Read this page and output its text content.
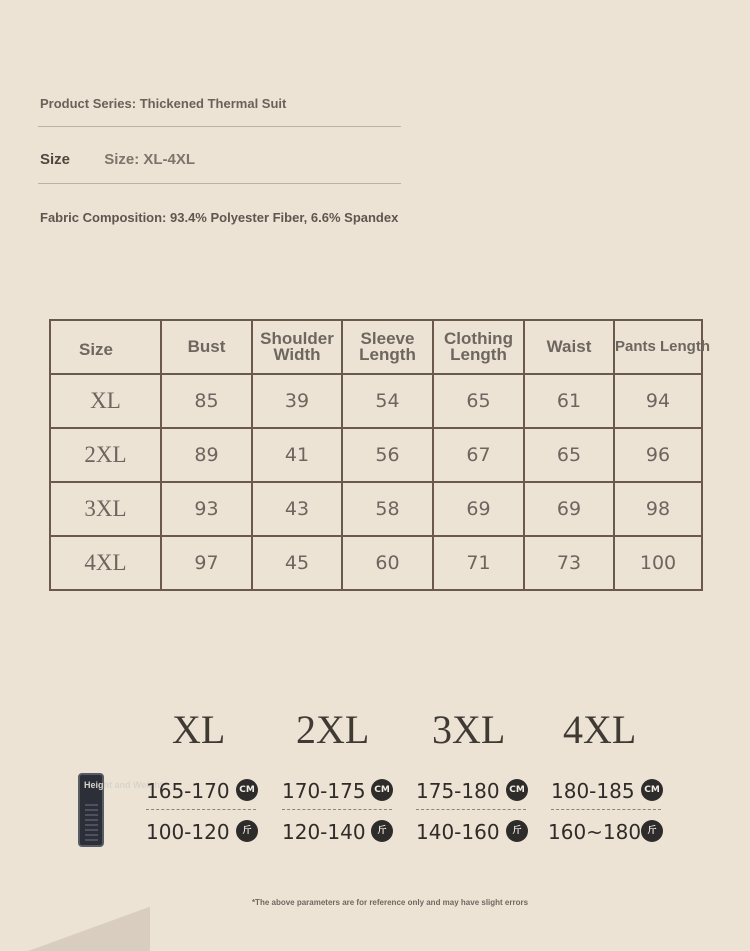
Product Series: Thickened Thermal Suit
Size Size: XL-4XL
Fabric Composition: 93.4% Polyester Fiber, 6.6% Spandex
Size	Bust	Shoulder Width	Sleeve Length	Clothing Length	Waist	Pants Length
XL	85	39	54	65	61	94
2XL	89	41	56	67	65	96
3XL	93	43	58	69	69	98
4XL	97	45	60	71	73	100
XL 2XL 3XL 4XL
Height and Weight
165-170	CM 170-175 CM 175-180	CM 180-185	CM
100-120	斤	120-140	斤	140-160	斤	160~180 斤
*The above parameters are for reference only and may have slight errors
